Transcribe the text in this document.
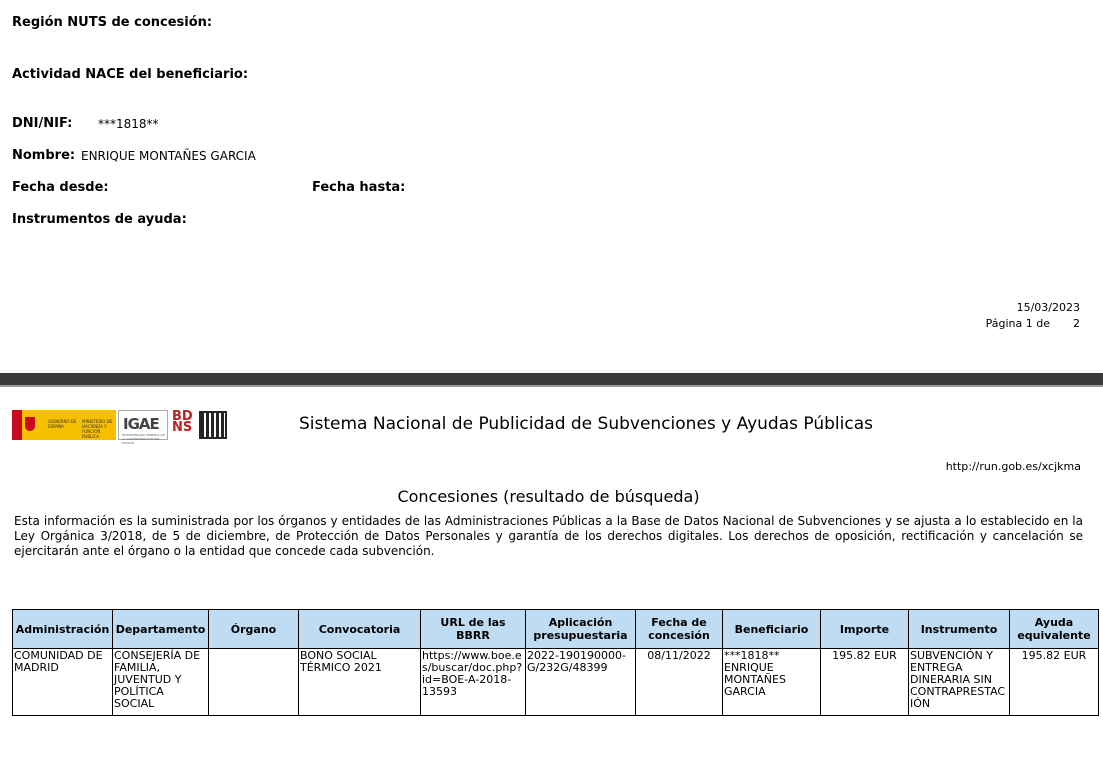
Región NUTS de concesión:
Actividad NACE del beneficiario:
DNI/NIF: ***1818**
Nombre: ENRIQUE MONTAÑES GARCIA
Fecha desde:	Fecha hasta:
Instrumentos de ayuda:
15/03/2023
Página 1 de 2
GOBIERNO DE ESPAÑA
MINISTERIO DE HACIENDA Y FUNCIÓN PÚBLICA
IGAE
INTERVENCIÓN GENERAL DE LA ADMINISTRACIÓN DEL ESTADO
BD
NS	Sistema Nacional de Publicidad de Subvenciones y Ayudas Públicas
http://run.gob.es/xcjkma
Concesiones (resultado de búsqueda)
Esta información es la suministrada por los órganos y entidades de las Administraciones Públicas a la Base de Datos Nacional de Subvenciones y se ajusta a lo establecido en la Ley Orgánica 3/2018, de 5 de diciembre, de Protección de Datos Personales y garantía de los derechos digitales. Los derechos de oposición, rectificación y cancelación se ejercitarán ante el órgano o la entidad que concede cada subvención.
Administración	Departamento	Órgano	Convocatoria	URL de las BBRR	Aplicación presupuestaria	Fecha de concesión	Beneficiario	Importe	Instrumento	Ayuda equivalente
COMUNIDAD DE MADRID	CONSEJERÍA DE FAMILIA, JUVENTUD Y POLÍTICA SOCIAL		BONO SOCIAL TÉRMICO 2021	https://www.boe.es/buscar/doc.php?id=BOE-A-2018-13593	2022-190190000-G/232G/48399	08/11/2022	***1818** ENRIQUE MONTAÑES GARCIA	195.82 EUR	SUBVENCIÓN Y ENTREGA DINERARIA SIN CONTRAPRESTACIÓN	195.82 EUR
